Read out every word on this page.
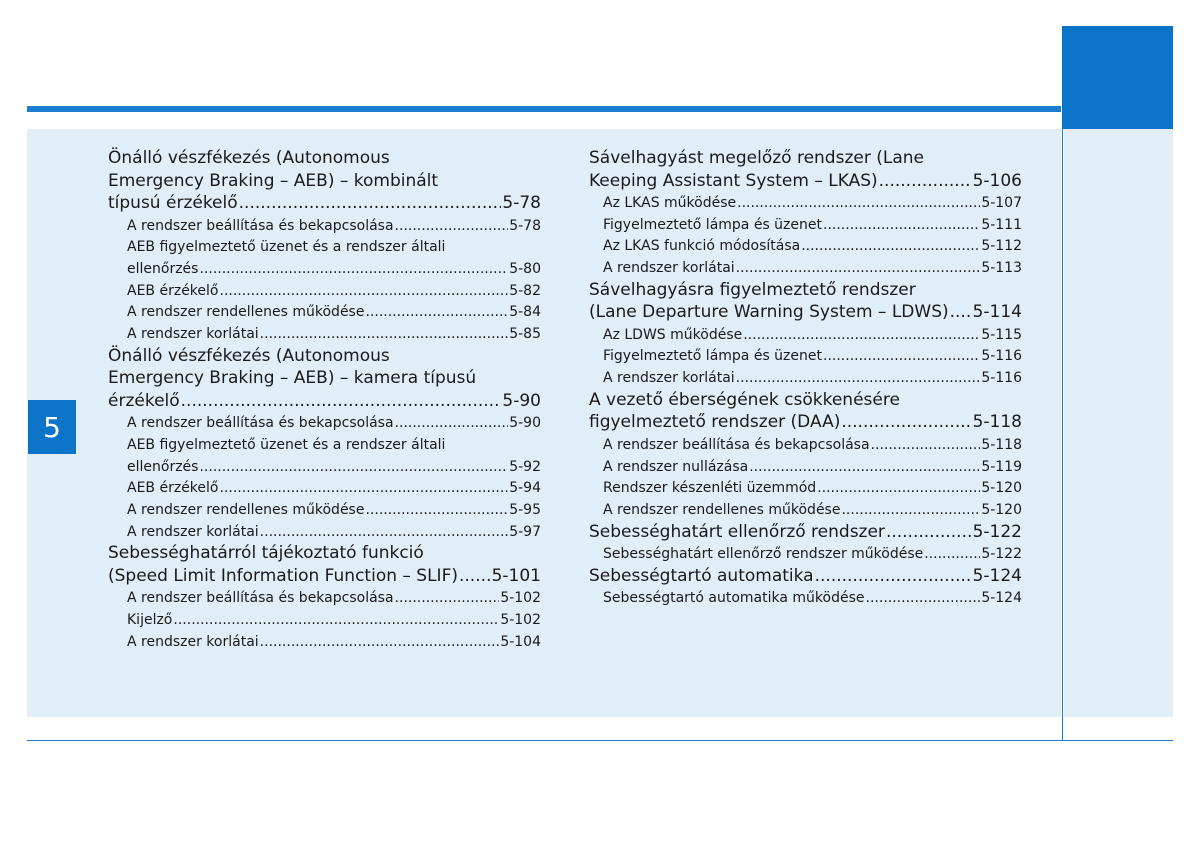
5
Önálló vészfékezés (Autonomous
Emergency Braking – AEB) – kombinált
típusú érzékelő .....	5-78
A rendszer beállítása és bekapcsolása .....	5-78
AEB figyelmeztető üzenet és a rendszer általi
ellenőrzés .....	5-80
AEB érzékelő .....	5-82
A rendszer rendellenes működése .....	5-84
A rendszer korlátai .....	5-85
Önálló vészfékezés (Autonomous
Emergency Braking – AEB) – kamera típusú
érzékelő .....	5-90
A rendszer beállítása és bekapcsolása .....	5-90
AEB figyelmeztető üzenet és a rendszer általi
ellenőrzés .....	5-92
AEB érzékelő .....	5-94
A rendszer rendellenes működése .....	5-95
A rendszer korlátai .....	5-97
Sebességhatárról tájékoztató funkció
(Speed Limit Information Function – SLIF) ..... 5-101
A rendszer beállítása és bekapcsolása .....	5-102
Kijelző .....	5-102
A rendszer korlátai .....	5-104
Sávelhagyást megelőző rendszer (Lane
Keeping Assistant System – LKAS) .....	5-106
Az LKAS működése .....	5-107
Figyelmeztető lámpa és üzenet .....	5-111
Az LKAS funkció módosítása .....	5-112
A rendszer korlátai .....	5-113
Sávelhagyásra figyelmeztető rendszer
(Lane Departure Warning System – LDWS) ..... 5-114
Az LDWS működése .....	5-115
Figyelmeztető lámpa és üzenet .....	5-116
A rendszer korlátai .....	5-116
A vezető éberségének csökkenésére
figyelmeztető rendszer (DAA) .....	5-118
A rendszer beállítása és bekapcsolása .....	5-118
A rendszer nullázása .....	5-119
Rendszer készenléti üzemmód .....	5-120
A rendszer rendellenes működése .....	5-120
Sebességhatárt ellenőrző rendszer .....	5-122
Sebességhatárt ellenőrző rendszer működése .....	5-122
Sebességtartó automatika .....	5-124
Sebességtartó automatika működése .....	5-124
